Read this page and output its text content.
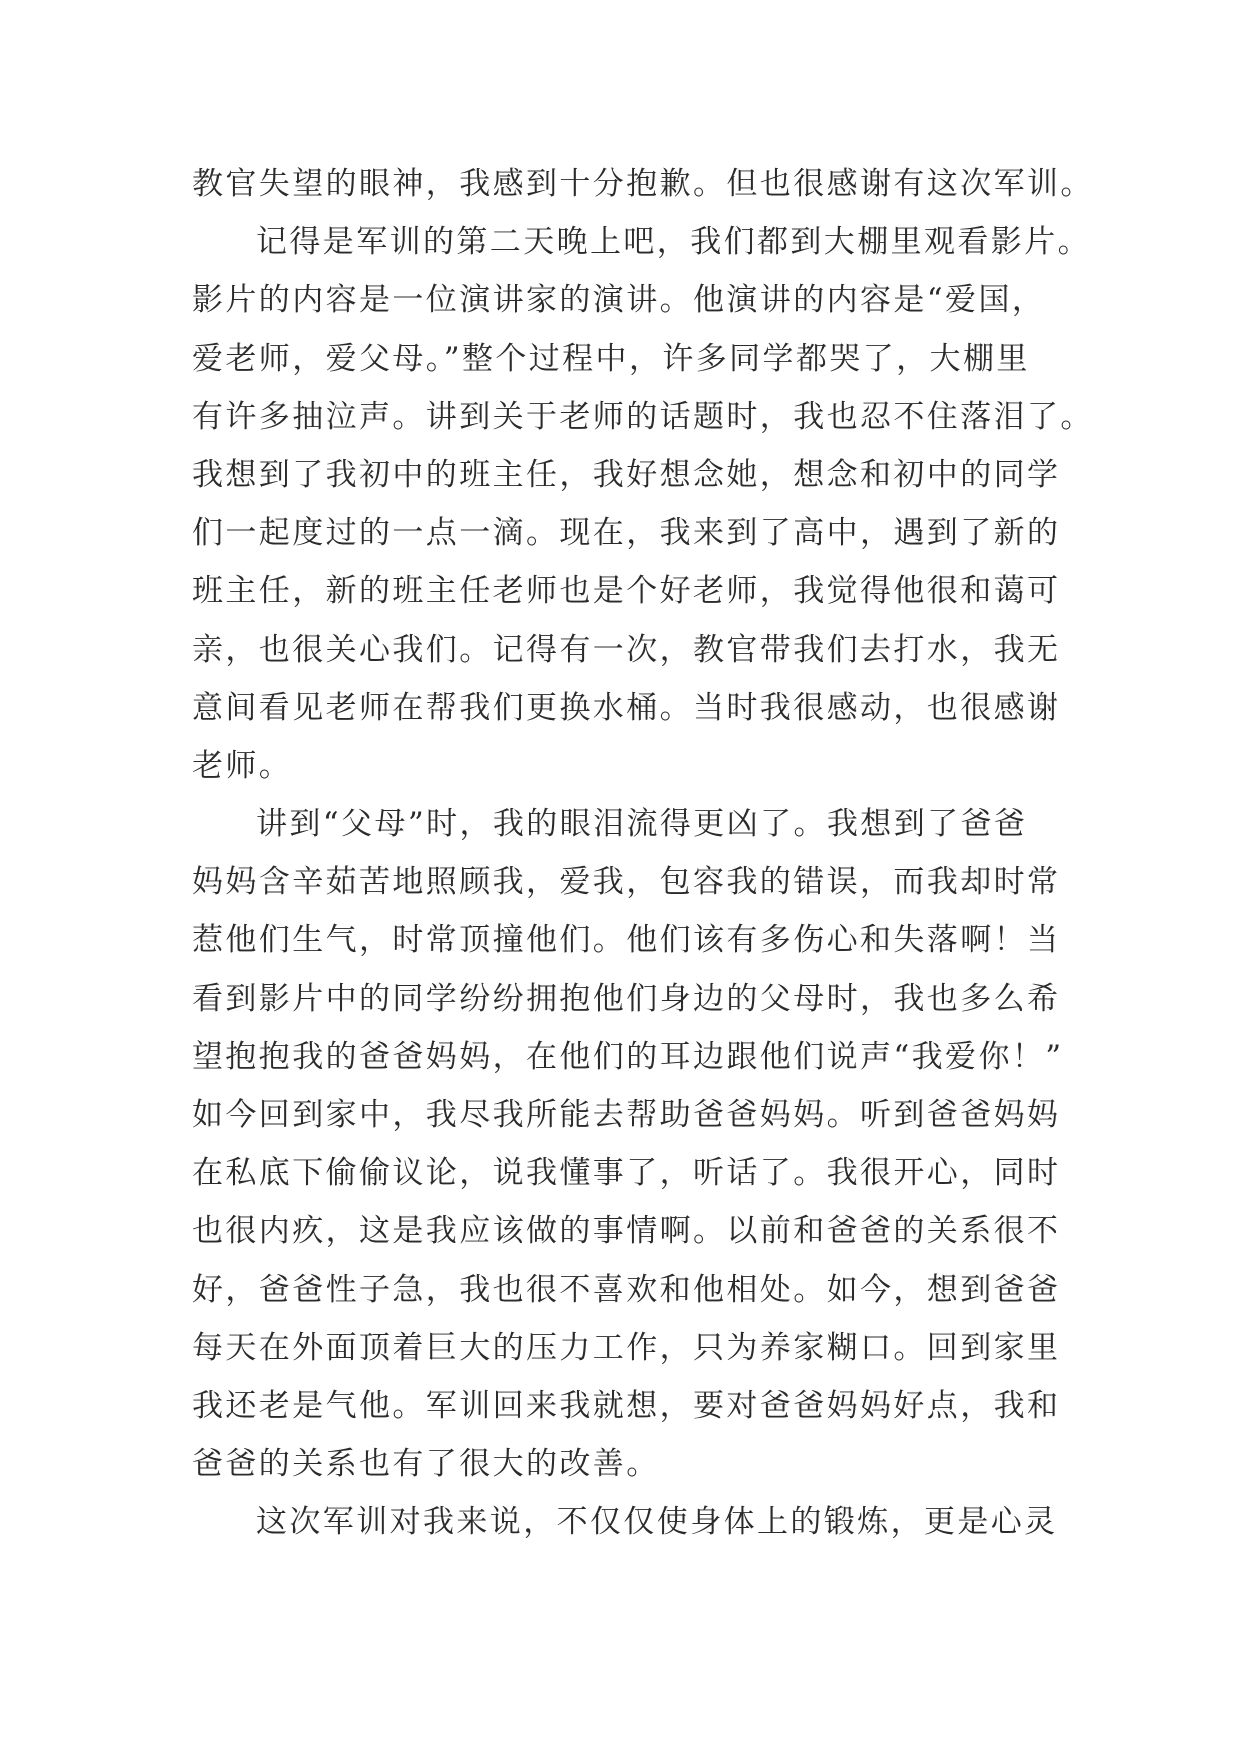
教官失望的眼神，我感到十分抱歉。但也很感谢有这次军训。
记得是军训的第二天晚上吧，我们都到大棚里观看影片。
影片的内容是一位演讲家的演讲。他演讲的内容是“爱国，
爱老师，爱父母。”整个过程中，许多同学都哭了，大棚里
有许多抽泣声。讲到关于老师的话题时，我也忍不住落泪了。
我想到了我初中的班主任，我好想念她，想念和初中的同学
们一起度过的一点一滴。现在，我来到了高中，遇到了新的
班主任，新的班主任老师也是个好老师，我觉得他很和蔼可
亲，也很关心我们。记得有一次，教官带我们去打水，我无
意间看见老师在帮我们更换水桶。当时我很感动，也很感谢
老师。
讲到“父母”时，我的眼泪流得更凶了。我想到了爸爸
妈妈含辛茹苦地照顾我，爱我，包容我的错误，而我却时常
惹他们生气，时常顶撞他们。他们该有多伤心和失落啊！当
看到影片中的同学纷纷拥抱他们身边的父母时，我也多么希
望抱抱我的爸爸妈妈，在他们的耳边跟他们说声“我爱你！”
如今回到家中，我尽我所能去帮助爸爸妈妈。听到爸爸妈妈
在私底下偷偷议论，说我懂事了，听话了。我很开心，同时
也很内疚，这是我应该做的事情啊。以前和爸爸的关系很不
好，爸爸性子急，我也很不喜欢和他相处。如今，想到爸爸
每天在外面顶着巨大的压力工作，只为养家糊口。回到家里
我还老是气他。军训回来我就想，要对爸爸妈妈好点，我和
爸爸的关系也有了很大的改善。
这次军训对我来说，不仅仅使身体上的锻炼，更是心灵
